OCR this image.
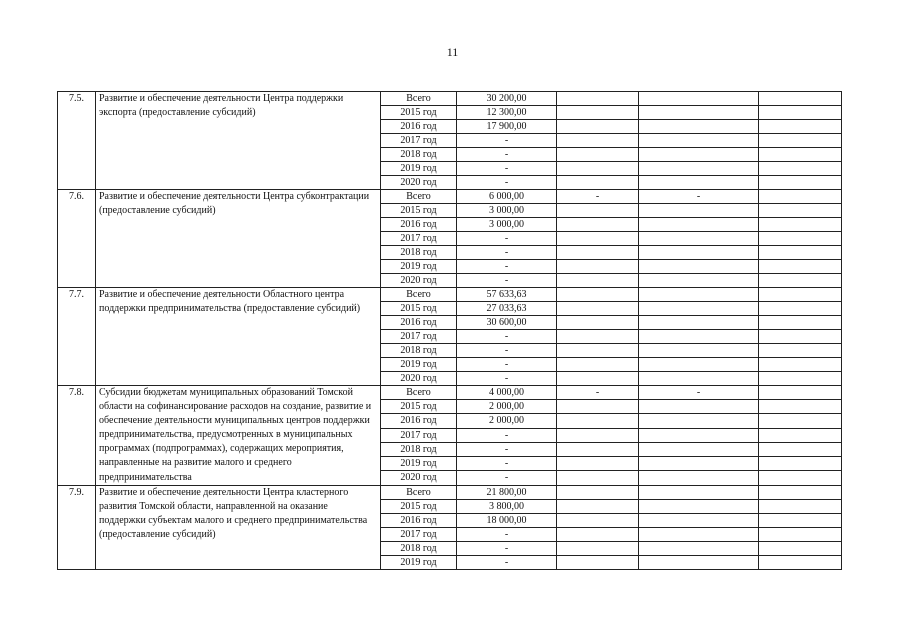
11
7.5.	Развитие и обеспечение деятельности Центра поддержки экспорта (предоставление субсидий)	Всего	30 200,00				
		2015 год	12 300,00				
		2016 год	17 900,00				
		2017 год	-				
		2018 год	-				
		2019 год	-				
		2020 год	-				
7.6.	Развитие и обеспечение деятельности Центра субконтрактации (предоставление субсидий)	Всего	6 000,00	-	-		
		2015 год	3 000,00				
		2016 год	3 000,00				
		2017 год	-				
		2018 год	-				
		2019 год	-				
		2020 год	-				
7.7.	Развитие и обеспечение деятельности Областного центра поддержки предпринимательства (предоставление субсидий)	Всего	57 633,63				
		2015 год	27 033,63				
		2016 год	30 600,00				
		2017 год	-				
		2018 год	-				
		2019 год	-				
		2020 год	-				
7.8.	Субсидии бюджетам муниципальных образований Томской области на софинансирование расходов на создание, развитие и обеспечение деятельности муниципальных центров поддержки предпринимательства, предусмотренных в муниципальных программах (подпрограммах), содержащих мероприятия, направленные на развитие малого и среднего предпринимательства	Всего	4 000,00	-	-		
		2015 год	2 000,00				
		2016 год	2 000,00				
		2017 год	-				
		2018 год	-				
		2019 год	-				
		2020 год	-				
7.9.	Развитие и обеспечение деятельности Центра кластерного развития Томской области, направленной на оказание поддержки субъектам малого и среднего предпринимательства (предоставление субсидий)	Всего	21 800,00				
		2015 год	3 800,00				
		2016 год	18 000,00				
		2017 год	-				
		2018 год	-				
		2019 год	-				
